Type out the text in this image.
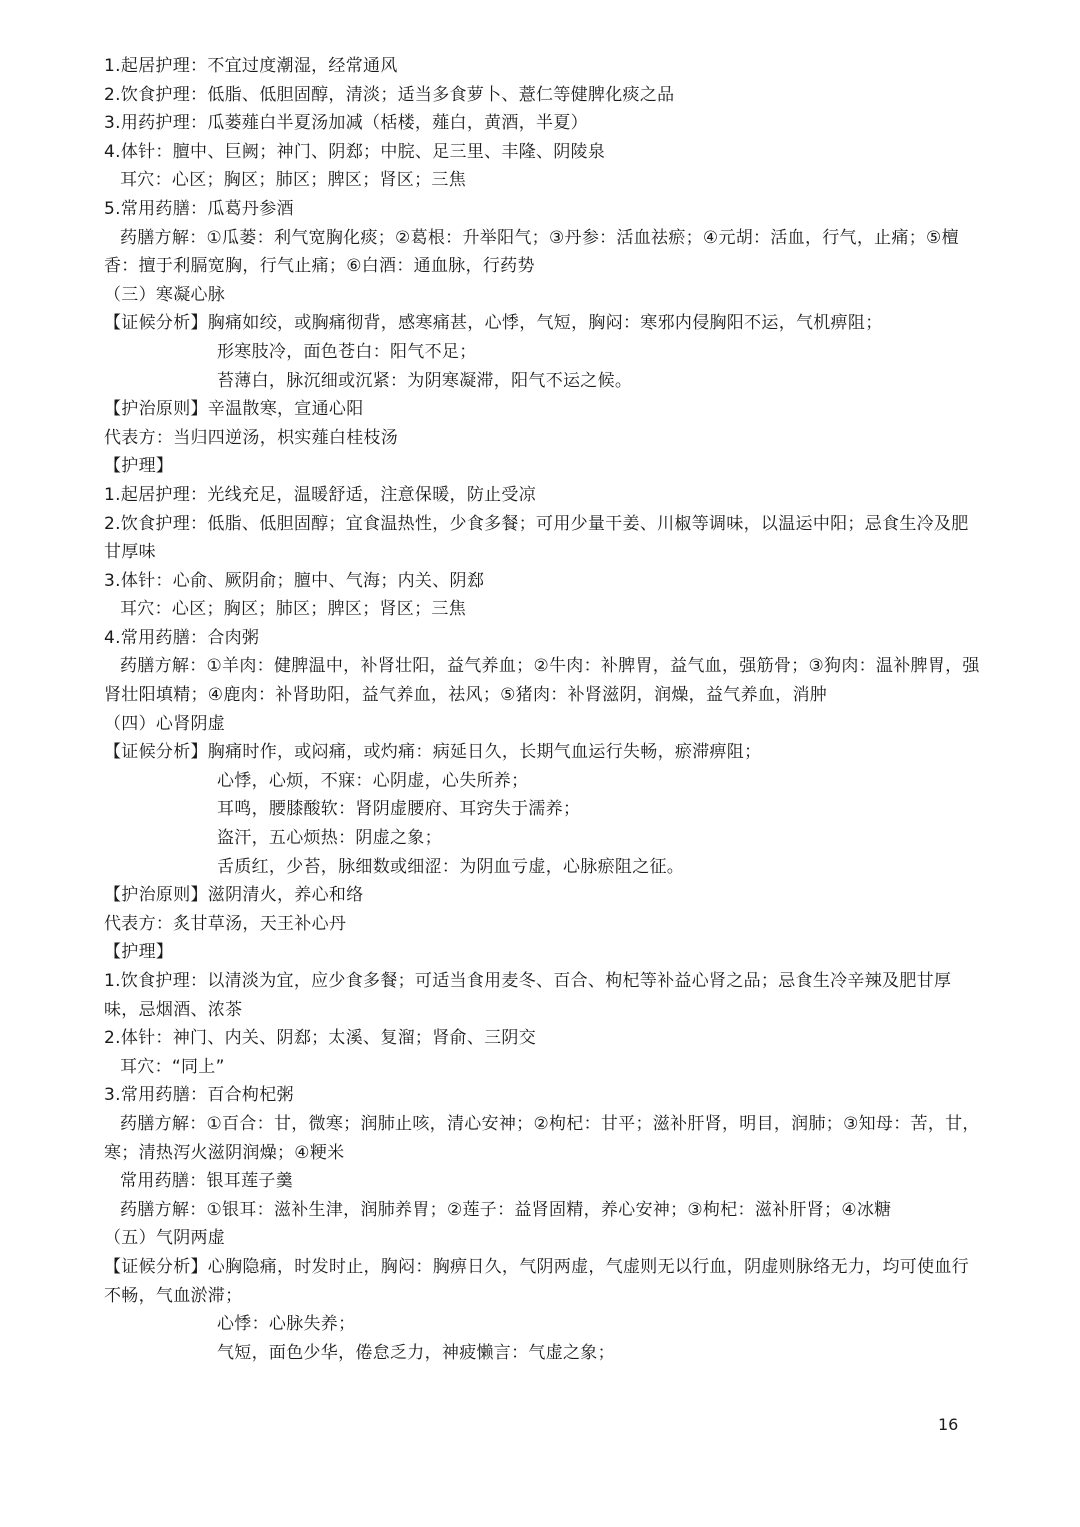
1.起居护理：不宜过度潮湿，经常通风
2.饮食护理：低脂、低胆固醇，清淡；适当多食萝卜、薏仁等健脾化痰之品
3.用药护理：瓜蒌薤白半夏汤加减（栝楼，薤白，黄酒，半夏）
4.体针：膻中、巨阙；神门、阴郄；中脘、足三里、丰隆、阴陵泉
耳穴：心区；胸区；肺区；脾区；肾区；三焦
5.常用药膳：瓜葛丹参酒
药膳方解：①瓜蒌：利气宽胸化痰；②葛根：升举阳气；③丹参：活血祛瘀；④元胡：活血，行气，止痛；⑤檀香：擅于利膈宽胸，行气止痛；⑥白酒：通血脉，行药势
（三）寒凝心脉
【证候分析】胸痛如绞，或胸痛彻背，感寒痛甚，心悸，气短，胸闷：寒邪内侵胸阳不运，气机痹阻；
形寒肢冷，面色苍白：阳气不足；
苔薄白，脉沉细或沉紧：为阴寒凝滞，阳气不运之候。
【护治原则】辛温散寒，宣通心阳
代表方：当归四逆汤，枳实薤白桂枝汤
【护理】
1.起居护理：光线充足，温暖舒适，注意保暖，防止受凉
2.饮食护理：低脂、低胆固醇；宜食温热性，少食多餐；可用少量干姜、川椒等调味，以温运中阳；忌食生冷及肥甘厚味
3.体针：心俞、厥阴俞；膻中、气海；内关、阴郄
耳穴：心区；胸区；肺区；脾区；肾区；三焦
4.常用药膳：合肉粥
药膳方解：①羊肉：健脾温中，补肾壮阳，益气养血；②牛肉：补脾胃，益气血，强筋骨；③狗肉：温补脾胃，强肾壮阳填精；④鹿肉：补肾助阳，益气养血，祛风；⑤猪肉：补肾滋阴，润燥，益气养血，消肿
（四）心肾阴虚
【证候分析】胸痛时作，或闷痛，或灼痛：病延日久，长期气血运行失畅，瘀滞痹阻；
心悸，心烦，不寐：心阴虚，心失所养；
耳鸣，腰膝酸软：肾阴虚腰府、耳窍失于濡养；
盗汗，五心烦热：阴虚之象；
舌质红，少苔，脉细数或细涩：为阴血亏虚，心脉瘀阻之征。
【护治原则】滋阴清火，养心和络
代表方：炙甘草汤，天王补心丹
【护理】
1.饮食护理：以清淡为宜，应少食多餐；可适当食用麦冬、百合、枸杞等补益心肾之品；忌食生冷辛辣及肥甘厚味，忌烟酒、浓茶
2.体针：神门、内关、阴郄；太溪、复溜；肾俞、三阴交
耳穴：“同上”
3.常用药膳：百合枸杞粥
药膳方解：①百合：甘，微寒；润肺止咳，清心安神；②枸杞：甘平；滋补肝肾，明目，润肺；③知母：苦，甘，寒；清热泻火滋阴润燥；④粳米
常用药膳：银耳莲子羹
药膳方解：①银耳：滋补生津，润肺养胃；②莲子：益肾固精，养心安神；③枸杞：滋补肝肾；④冰糖
（五）气阴两虚
【证候分析】心胸隐痛，时发时止，胸闷：胸痹日久，气阴两虚，气虚则无以行血，阴虚则脉络无力，均可使血行不畅，气血淤滞；
心悸：心脉失养；
气短，面色少华，倦怠乏力，神疲懒言：气虚之象；
16
